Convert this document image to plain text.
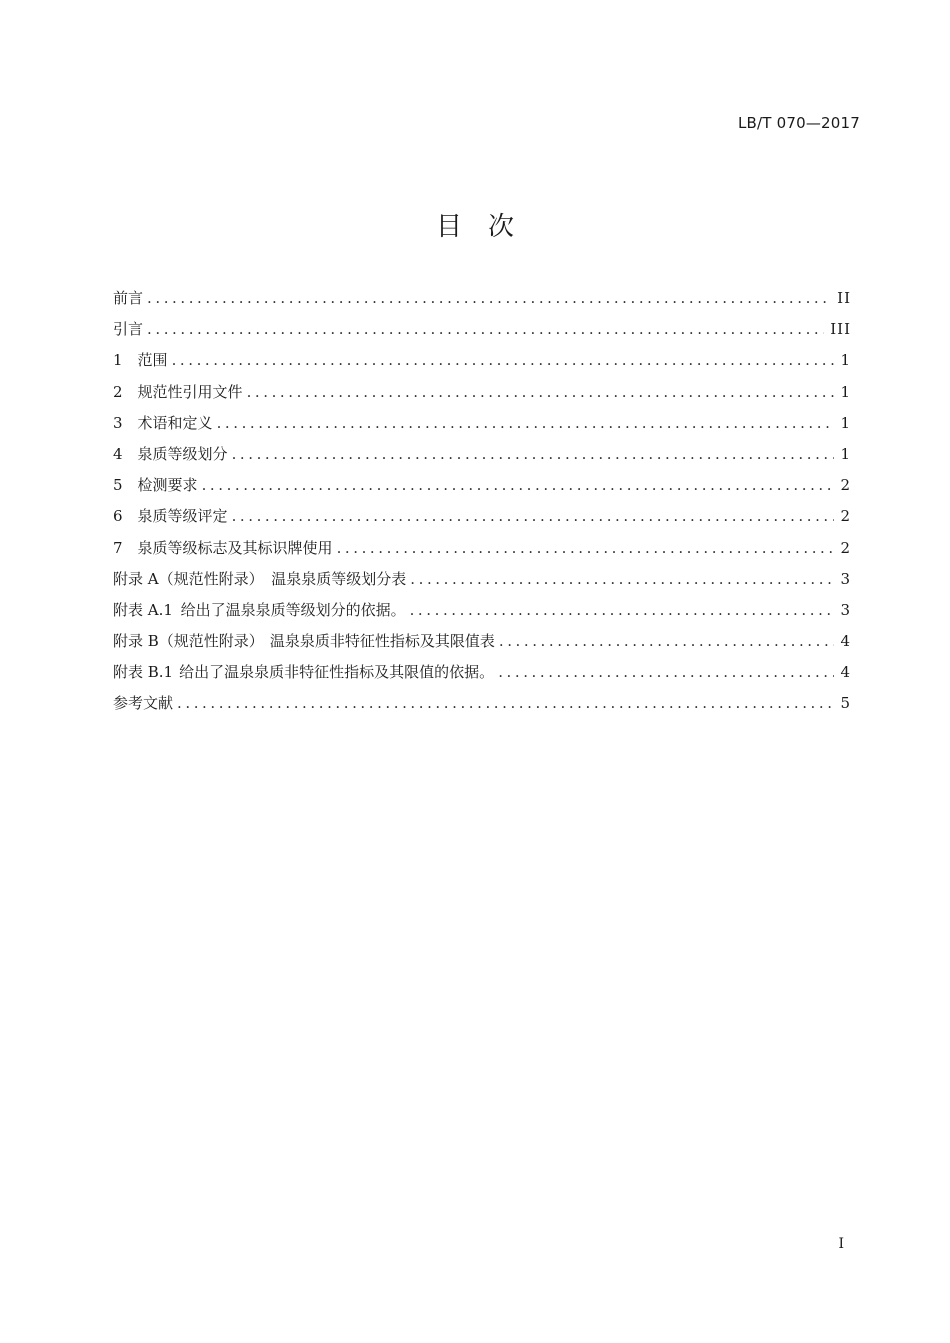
LB/T 070—2017
目次
前言 . . .	II
引言 . . .	III
1 范围 . . .	1
2 规范性引用文件 . . .	1
3 术语和定义 . . .	1
4 泉质等级划分 . . .	1
5 检测要求 . . .	2
6 泉质等级评定 . . .	2
7 泉质等级标志及其标识牌使用 . . .	2
附录 A（规范性附录） 温泉泉质等级划分表 . . .	3
附表 A.1 给出了温泉泉质等级划分的依据。 . . .	3
附录 B（规范性附录） 温泉泉质非特征性指标及其限值表 . . .	4
附表 B.1 给出了温泉泉质非特征性指标及其限值的依据。 . . .	4
参考文献 . . .	5
I
